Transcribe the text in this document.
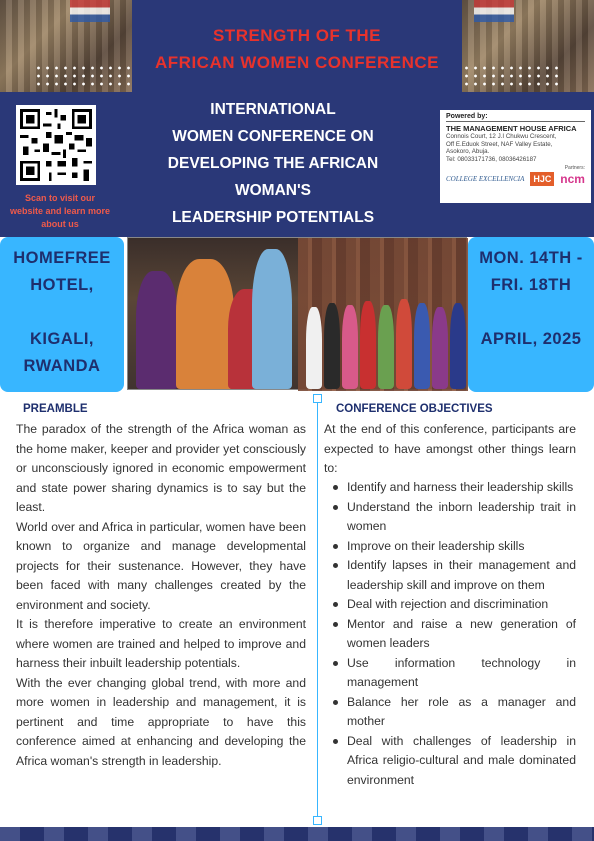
STRENGTH OF THE
AFRICAN WOMEN CONFERENCE
Scan to visit our website and learn more about us
INTERNATIONAL
WOMEN CONFERENCE ON
DEVELOPING THE AFRICAN WOMAN'S
LEADERSHIP POTENTIALS
Powered by:
THE MANAGEMENT HOUSE AFRICA
Connois Court, 12 J.I Chukwu Crescent,
Off E.Eduok Street, NAF Valley Estate,
Asokoro, Abuja.
Tel: 08033171736, 08036426187
Partners:
COLLEGE EXCELLENCIA HJC ncm
HOMEFREE
HOTEL,
KIGALI,
RWANDA
MON. 14TH -
FRI. 18TH
APRIL, 2025
PREAMBLE	CONFERENCE OBJECTIVES

The paradox of the strength of the Africa woman as the home maker, keeper and provider yet consciously or unconsciously ignored in economic empowerment and state power sharing dynamics is to say but the least.

World over and Africa in particular, women have been known to organize and manage developmental projects for their sustenance. However, they have been faced with many challenges created by the environment and society.

It is therefore imperative to create an environment where women are trained and helped to improve and harness their inbuilt leadership potentials.

With the ever changing global trend, with more and more women in leadership and management, it is pertinent and time appropriate to have this conference aimed at enhancing and developing the Africa woman's strength in leadership.

At the end of this conference, participants are expected to have amongst other things learn to:
Identify and harness their leadership skills
Understand the inborn leadership trait in women
Improve on their leadership skills
Identify lapses in their management and leadership skill and improve on them
Deal with rejection and discrimination
Mentor and raise a new generation of women leaders
Use information technology in management
Balance her role as a manager and mother
Deal with challenges of leadership in Africa religio-cultural and male dominated environment
